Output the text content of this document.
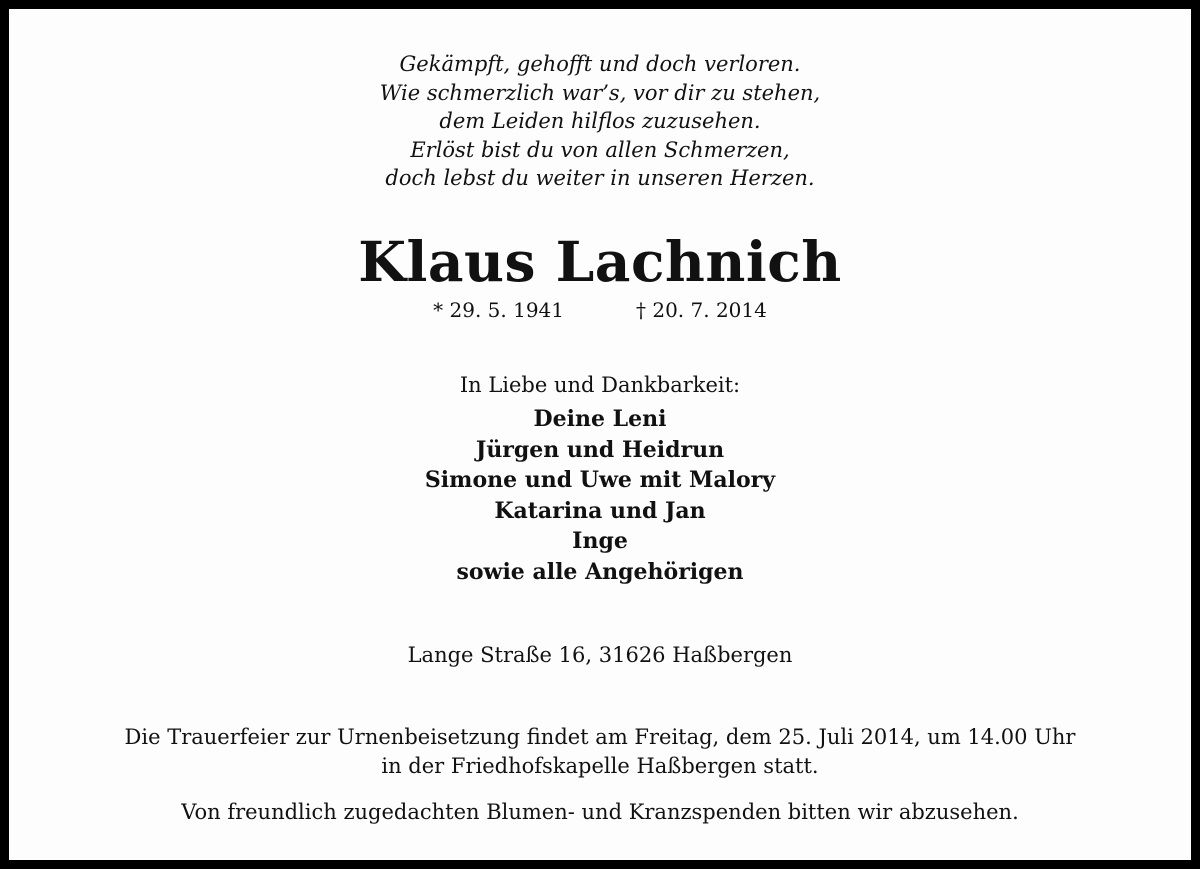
Gekämpft, gehofft und doch verloren.
Wie schmerzlich war’s, vor dir zu stehen,
dem Leiden hilflos zuzusehen.
Erlöst bist du von allen Schmerzen,
doch lebst du weiter in unseren Herzen.
Klaus Lachnich
* 29. 5. 1941	† 20. 7. 2014
In Liebe und Dankbarkeit:
Deine Leni
Jürgen und Heidrun
Simone und Uwe mit Malory
Katarina und Jan
Inge
sowie alle Angehörigen
Lange Straße 16, 31626 Haßbergen
Die Trauerfeier zur Urnenbeisetzung findet am Freitag, dem 25. Juli 2014, um 14.00 Uhr
in der Friedhofskapelle Haßbergen statt.
Von freundlich zugedachten Blumen- und Kranzspenden bitten wir abzusehen.
